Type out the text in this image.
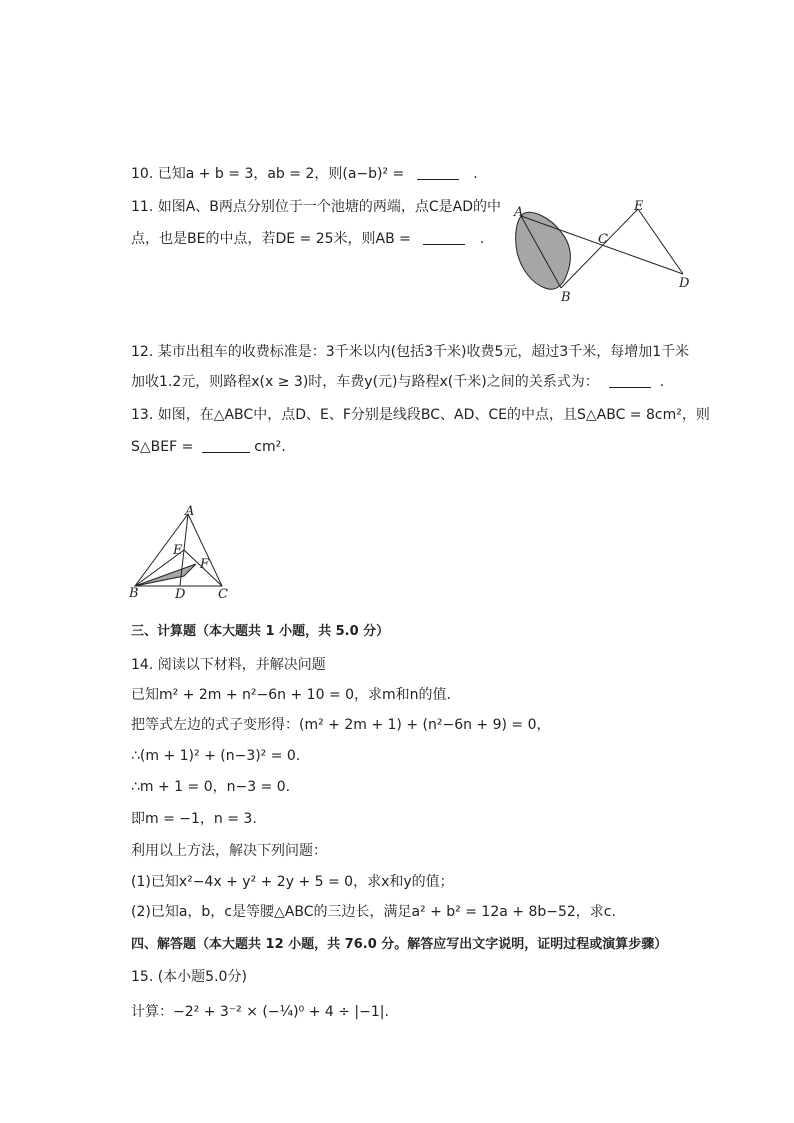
10. 已知a + b = 3，ab = 2，则(a−b)² =	.
11. 如图A、B两点分别位于一个池塘的两端，点C是AD的中
点，也是BE的中点，若DE = 25米，则AB =	.
A
B
C
D
E
12. 某市出租车的收费标准是：3千米以内(包括3千米)收费5元，超过3千米，每增加1千米
加收1.2元，则路程x(x ≥ 3)时，车费y(元)与路程x(千米)之间的关系式为：	.
13. 如图，在△ABC中，点D、E、F分别是线段BC、AD、CE的中点，且S△ABC = 8cm²，则
S△BEF =	cm².
A
B	C
D
E
F
三、计算题（本大题共 1 小题，共 5.0 分）
14. 阅读以下材料，并解决问题
已知m² + 2m + n²−6n + 10 = 0，求m和n的值.
把等式左边的式子变形得：(m² + 2m + 1) + (n²−6n + 9) = 0，
∴(m + 1)² + (n−3)² = 0.
∴m + 1 = 0，n−3 = 0.
即m = −1，n = 3.
利用以上方法，解决下列问题：
(1)已知x²−4x + y² + 2y + 5 = 0，求x和y的值；
(2)已知a，b，c是等腰△ABC的三边长，满足a² + b² = 12a + 8b−52，求c.
四、解答题（本大题共 12 小题，共 76.0 分。解答应写出文字说明，证明过程或演算步骤）
15. (本小题5.0分)
计算：−2² + 3⁻² × (−¼)⁰ + 4 ÷ |−1|.
